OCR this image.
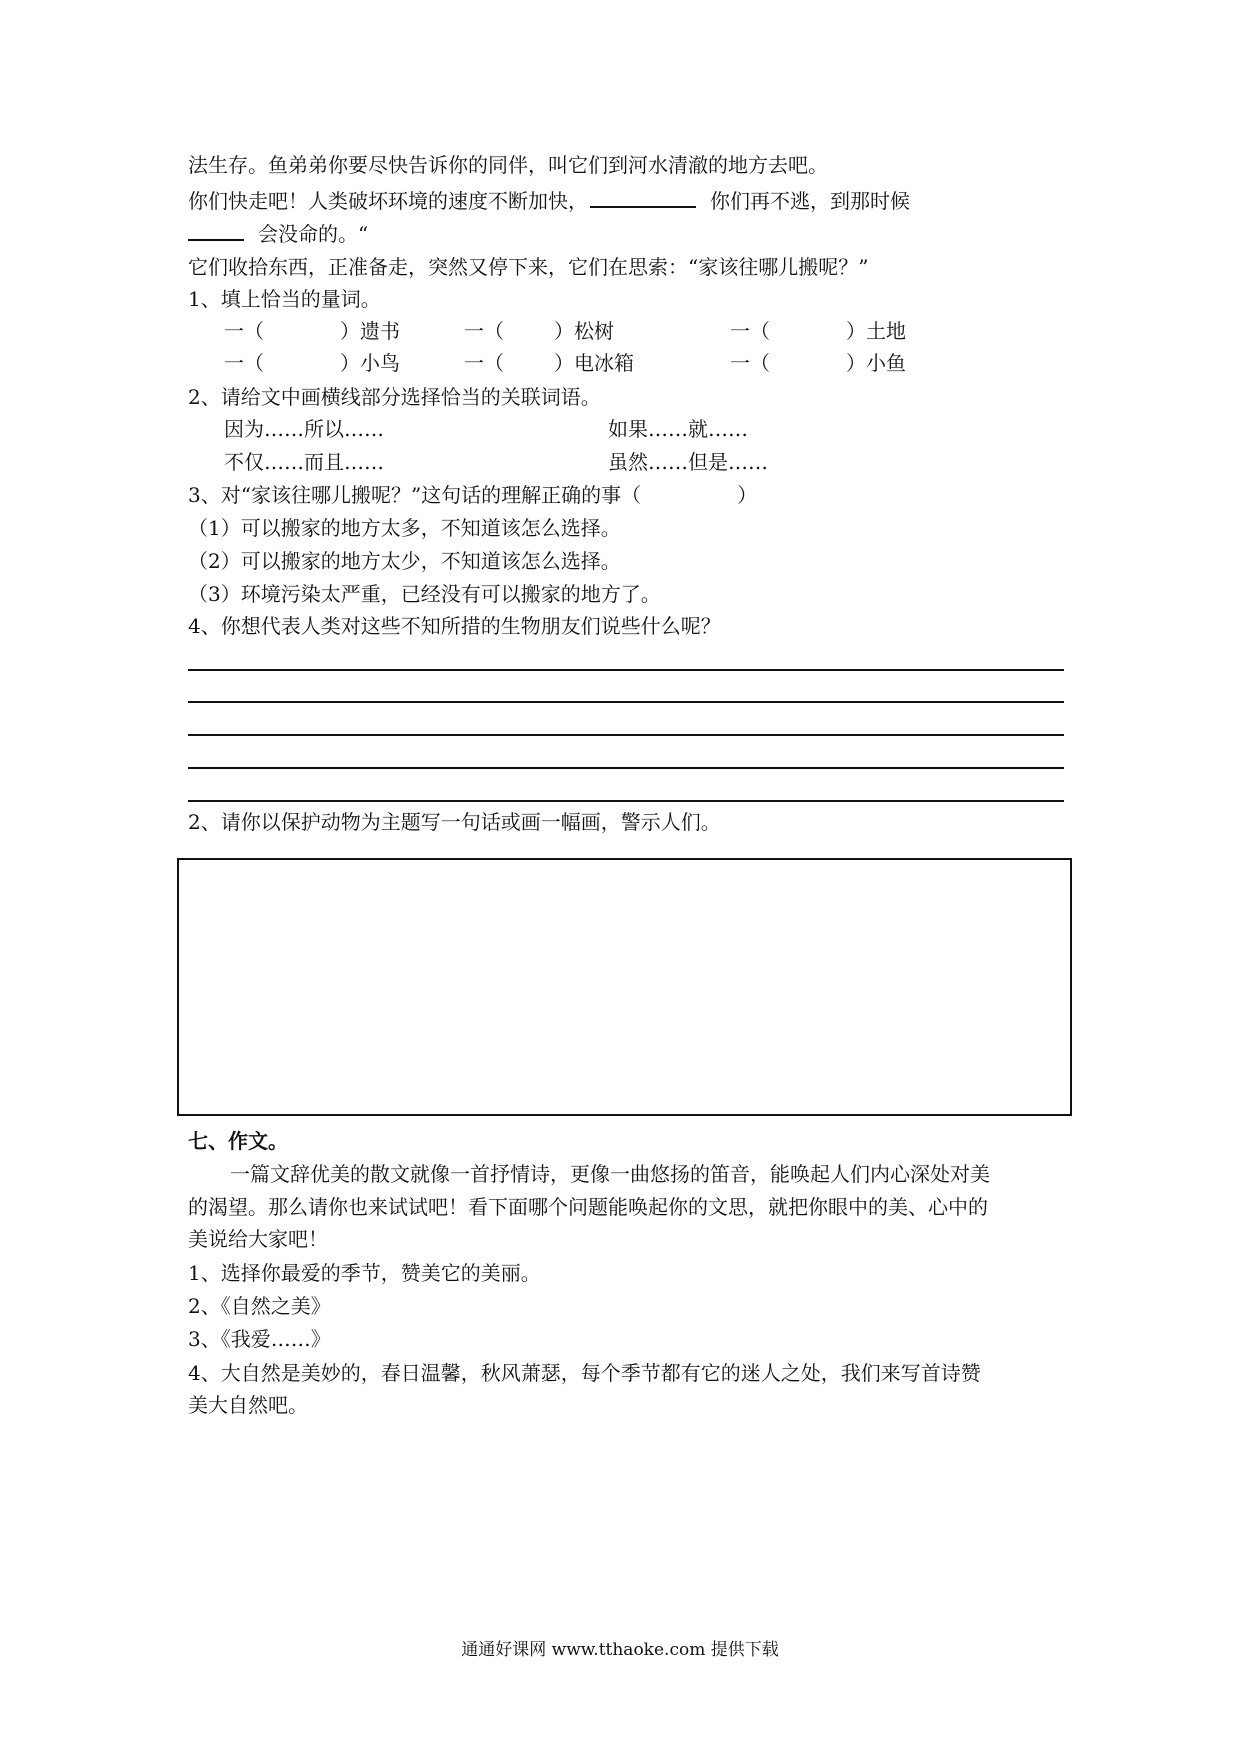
法生存。鱼弟弟你要尽快告诉你的同伴，叫它们到河水清澈的地方去吧。
你们快走吧！人类破坏环境的速度不断加快，	你们再不逃，到那时候
会没命的。“
它们收拾东西，正准备走，突然又停下来，它们在思索：“家该往哪儿搬呢？”
1、填上恰当的量词。
一（	）遗书	一（	）松树	一（	）土地
一（	）小鸟	一（	）电冰箱	一（	）小鱼
2、请给文中画横线部分选择恰当的关联词语。
因为……所以……	如果……就……
不仅……而且……	虽然……但是……
3、对“家该往哪儿搬呢？”这句话的理解正确的事（	）
（1）可以搬家的地方太多，不知道该怎么选择。
（2）可以搬家的地方太少，不知道该怎么选择。
（3）环境污染太严重，已经没有可以搬家的地方了。
4、你想代表人类对这些不知所措的生物朋友们说些什么呢？
2、请你以保护动物为主题写一句话或画一幅画，警示人们。
七、作文。
一篇文辞优美的散文就像一首抒情诗，更像一曲悠扬的笛音，能唤起人们内心深处对美
的渴望。那么请你也来试试吧！看下面哪个问题能唤起你的文思，就把你眼中的美、心中的
美说给大家吧！
1、选择你最爱的季节，赞美它的美丽。
2、《自然之美》
3、《我爱……》
4、大自然是美妙的，春日温馨，秋风萧瑟，每个季节都有它的迷人之处，我们来写首诗赞
美大自然吧。
通通好课网 www.tthaoke.com 提供下载
